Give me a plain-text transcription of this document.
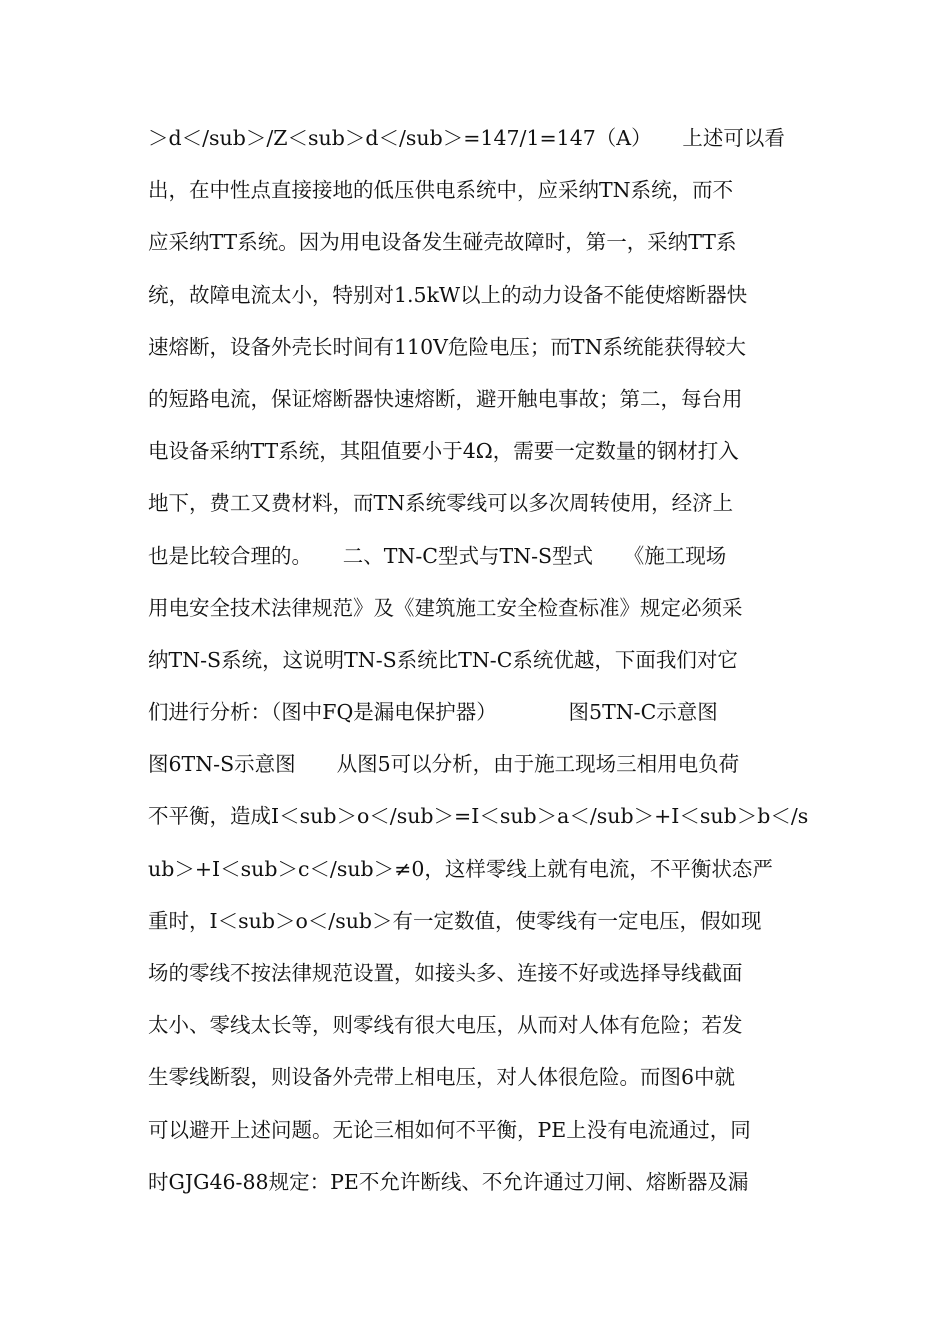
＞d＜/sub＞/Z＜sub＞d＜/sub＞=147/1=147（A）　　上述可以看
出，在中性点直接接地的低压供电系统中，应采纳TN系统，而不
应采纳TT系统。因为用电设备发生碰壳故障时，第一，采纳TT系
统，故障电流太小，特别对1.5kW以上的动力设备不能使熔断器快
速熔断，设备外壳长时间有110V危险电压；而TN系统能获得较大
的短路电流，保证熔断器快速熔断，避开触电事故；第二，每台用
电设备采纳TT系统，其阻值要小于4Ω，需要一定数量的钢材打入
地下，费工又费材料，而TN系统零线可以多次周转使用，经济上
也是比较合理的。　　二、TN-C型式与TN-S型式　　《施工现场
用电安全技术法律规范》及《建筑施工安全检查标准》规定必须采
纳TN-S系统，这说明TN-S系统比TN-C系统优越，下面我们对它
们进行分析：（图中FQ是漏电保护器）　　　　图5TN-C示意图
图6TN-S示意图　　从图5可以分析，由于施工现场三相用电负荷
不平衡，造成I＜sub＞o＜/sub＞=I＜sub＞a＜/sub＞+I＜sub＞b＜/s
ub＞+I＜sub＞c＜/sub＞≠0，这样零线上就有电流，不平衡状态严
重时，I＜sub＞o＜/sub＞有一定数值，使零线有一定电压，假如现
场的零线不按法律规范设置，如接头多、连接不好或选择导线截面
太小、零线太长等，则零线有很大电压，从而对人体有危险；若发
生零线断裂，则设备外壳带上相电压，对人体很危险。而图6中就
可以避开上述问题。无论三相如何不平衡，PE上没有电流通过，同
时GJG46-88规定：PE不允许断线、不允许通过刀闸、熔断器及漏
